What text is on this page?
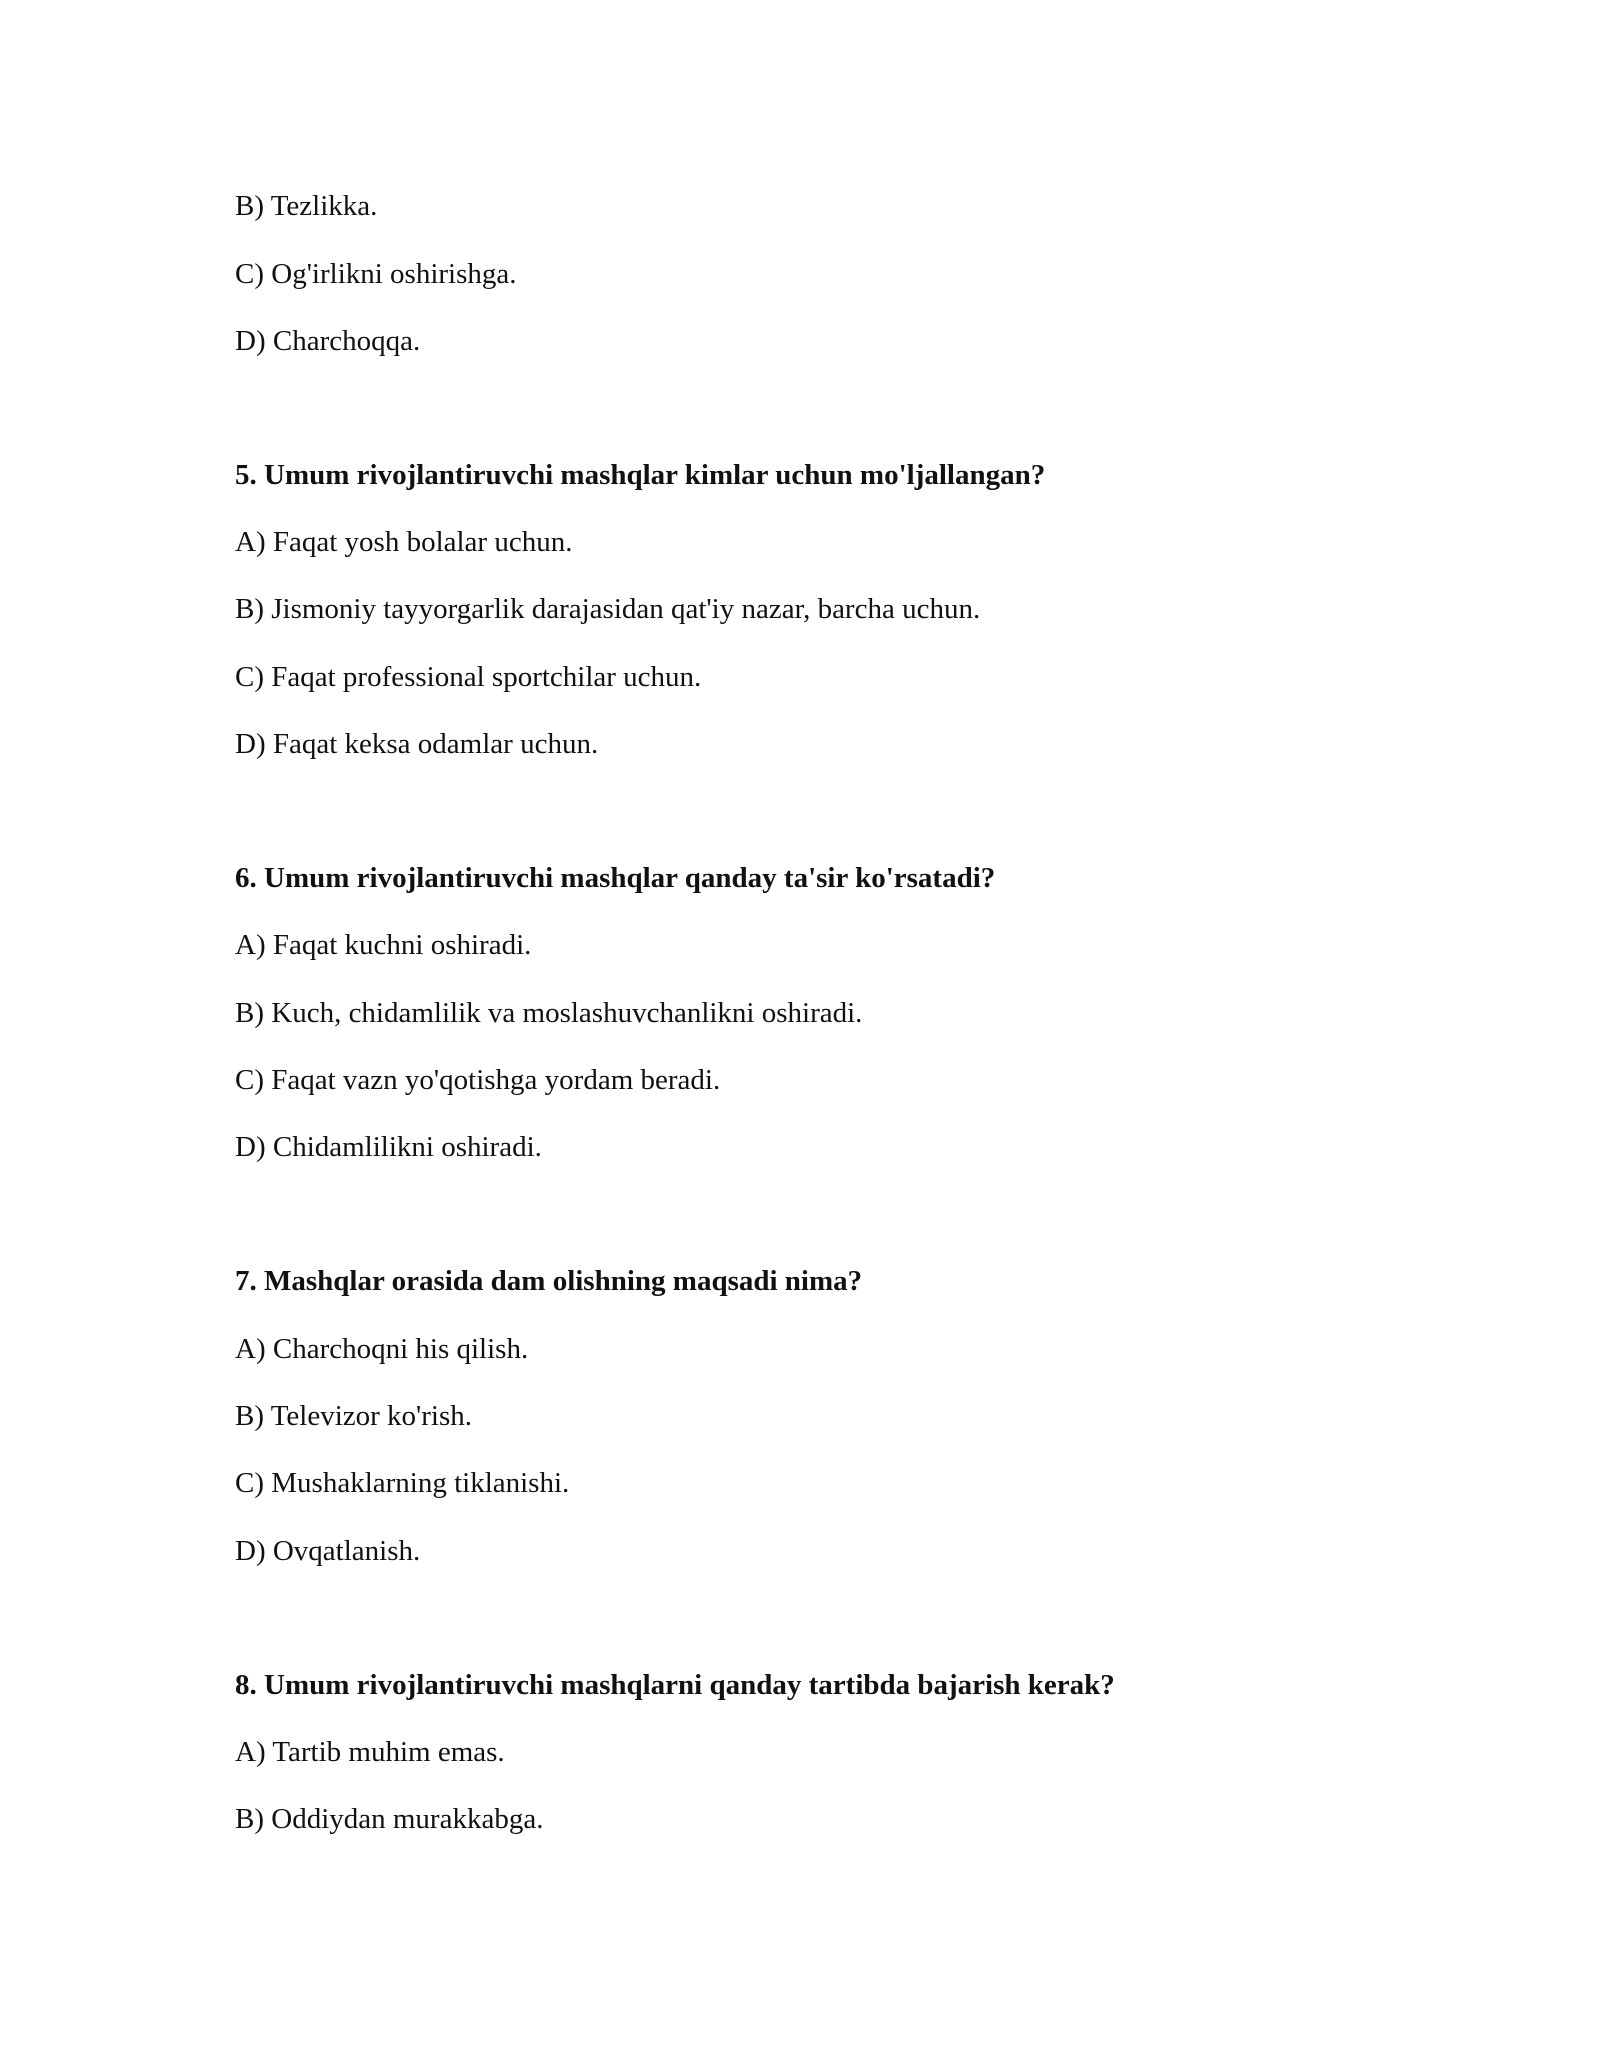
B) Tezlikka.
C) Og'irlikni oshirishga.
D) Charchoqqa.
5. Umum rivojlantiruvchi mashqlar kimlar uchun mo'ljallangan?
A) Faqat yosh bolalar uchun.
B) Jismoniy tayyorgarlik darajasidan qat'iy nazar, barcha uchun.
C) Faqat professional sportchilar uchun.
D) Faqat keksa odamlar uchun.
6. Umum rivojlantiruvchi mashqlar qanday ta'sir ko'rsatadi?
A) Faqat kuchni oshiradi.
B) Kuch, chidamlilik va moslashuvchanlikni oshiradi.
C) Faqat vazn yo'qotishga yordam beradi.
D) Chidamlilikni oshiradi.
7. Mashqlar orasida dam olishning maqsadi nima?
A) Charchoqni his qilish.
B) Televizor ko'rish.
C) Mushaklarning tiklanishi.
D) Ovqatlanish.
8. Umum rivojlantiruvchi mashqlarni qanday tartibda bajarish kerak?
A) Tartib muhim emas.
B) Oddiydan murakkabga.
